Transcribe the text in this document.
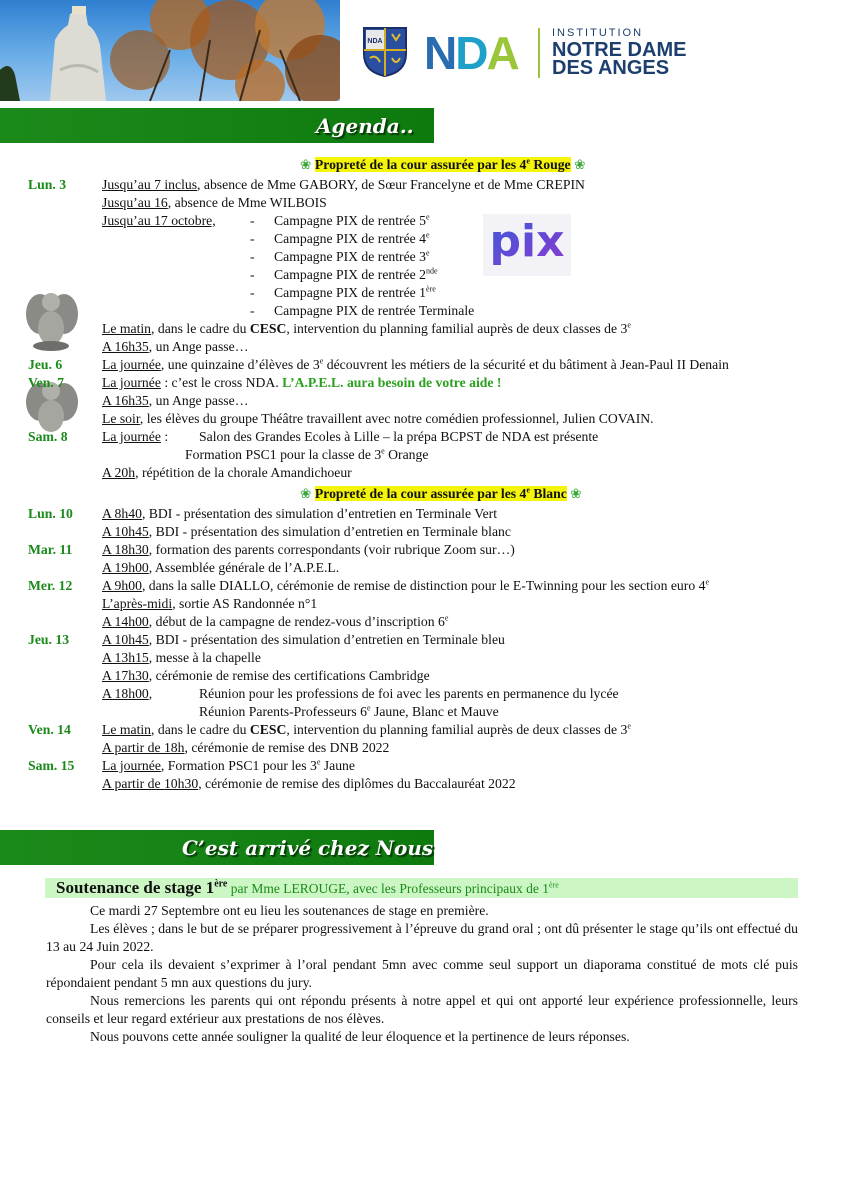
NDA NDA	INSTITUTION
NOTRE DAME
DES ANGES
Agenda..
pix
❀ Propreté de la cour assurée par les 4e Rouge ❀
Lun. 3	Jusqu’au 7 inclus, absence de Mme GABORY, de Sœur Francelyne et de Mme CREPIN
Jusqu’au 16, absence de Mme WILBOIS
Jusqu’au 17 octobre,	- Campagne PIX de rentrée 5e
- Campagne PIX de rentrée 4e
- Campagne PIX de rentrée 3e
- Campagne PIX de rentrée 2nde
- Campagne PIX de rentrée 1ère
- Campagne PIX de rentrée Terminale
Le matin, dans le cadre du CESC, intervention du planning familial auprès de deux classes de 3e
A 16h35, un Ange passe…
Jeu. 6	La journée, une quinzaine d’élèves de 3e découvrent les métiers de la sécurité et du bâtiment à Jean-Paul II Denain
Ven. 7	La journée : c’est le cross NDA. L’A.P.E.L. aura besoin de votre aide !
A 16h35, un Ange passe…
Le soir, les élèves du groupe Théâtre travaillent avec notre comédien professionnel, Julien COVAIN.
Sam. 8	La journée : Salon des Grandes Ecoles à Lille – la prépa BCPST de NDA est présente
Formation PSC1 pour la classe de 3e Orange
A 20h, répétition de la chorale Amandichoeur
❀ Propreté de la cour assurée par les 4e Blanc ❀
Lun. 10 A 8h40, BDI - présentation des simulation d’entretien en Terminale Vert
A 10h45, BDI - présentation des simulation d’entretien en Terminale blanc
Mar. 11 A 18h30, formation des parents correspondants (voir rubrique Zoom sur…)
A 19h00, Assemblée générale de l’A.P.E.L.
Mer. 12 A 9h00, dans la salle DIALLO, cérémonie de remise de distinction pour le E-Twinning pour les section euro 4e
L’après-midi, sortie AS Randonnée n°1
A 14h00, début de la campagne de rendez-vous d’inscription 6e
Jeu. 13 A 10h45, BDI - présentation des simulation d’entretien en Terminale bleu
A 13h15, messe à la chapelle
A 17h30, cérémonie de remise des certifications Cambridge
A 18h00,	Réunion pour les professions de foi avec les parents en permanence du lycée
Réunion Parents-Professeurs 6e Jaune, Blanc et Mauve
Ven. 14 Le matin, dans le cadre du CESC, intervention du planning familial auprès de deux classes de 3e
A partir de 18h, cérémonie de remise des DNB 2022
Sam. 15 La journée, Formation PSC1 pour les 3e Jaune
A partir de 10h30, cérémonie de remise des diplômes du Baccalauréat 2022
C’est arrivé chez Nous
Soutenance de stage 1ère par Mme LEROUGE, avec les Professeurs principaux de 1ère
Ce mardi 27 Septembre ont eu lieu les soutenances de stage en première.
Les élèves ; dans le but de se préparer progressivement à l’épreuve du grand oral ; ont dû présenter le stage qu’ils ont effectué du 13 au 24 Juin 2022.
Pour cela ils devaient s’exprimer à l’oral pendant 5mn avec comme seul support un diaporama constitué de mots clé puis répondaient pendant 5 mn aux questions du jury.
Nous remercions les parents qui ont répondu présents à notre appel et qui ont apporté leur expérience professionnelle, leurs conseils et leur regard extérieur aux prestations de nos élèves.
Nous pouvons cette année souligner la qualité de leur éloquence et la pertinence de leurs réponses.
